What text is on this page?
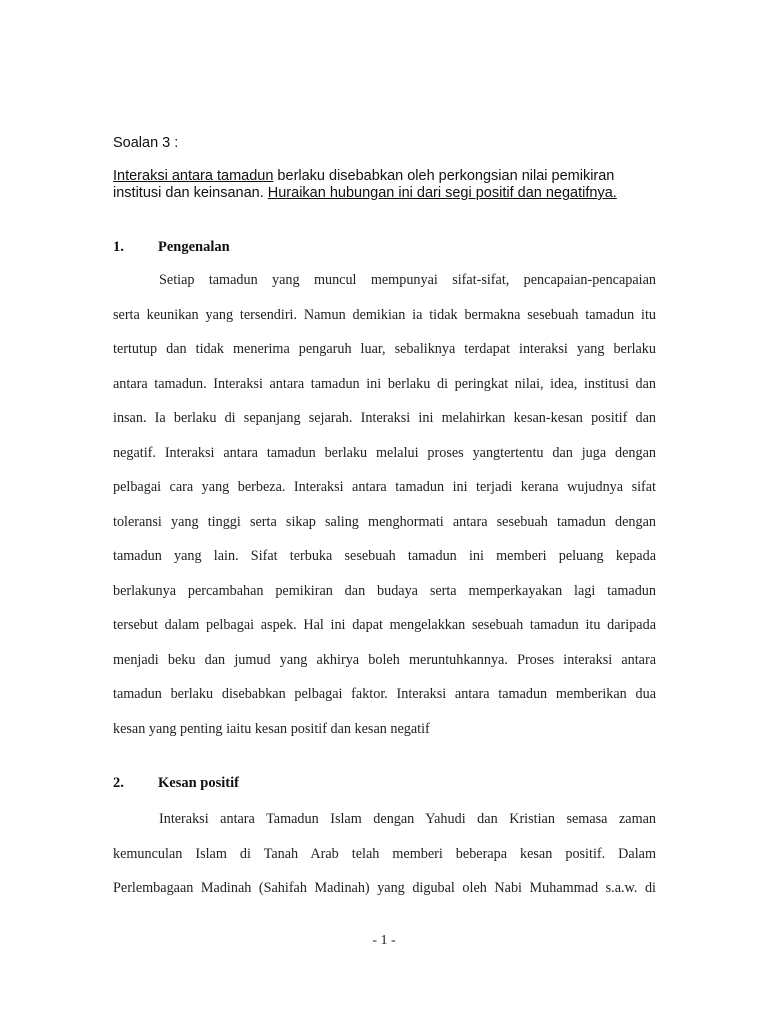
Soalan 3 :
Interaksi antara tamadun berlaku disebabkan oleh perkongsian nilai pemikiran institusi dan keinsanan. Huraikan hubungan ini dari segi positif dan negatifnya.
1. Pengenalan
Setiap tamadun yang muncul mempunyai sifat-sifat, pencapaian-pencapaian
serta keunikan yang tersendiri. Namun demikian ia tidak bermakna sesebuah tamadun itu
tertutup dan tidak menerima pengaruh luar, sebaliknya terdapat interaksi yang berlaku
antara tamadun. Interaksi antara tamadun ini berlaku di peringkat nilai, idea, institusi dan
insan. Ia berlaku di sepanjang sejarah. Interaksi ini melahirkan kesan-kesan positif dan
negatif. Interaksi antara tamadun berlaku melalui proses yangtertentu dan juga dengan
pelbagai cara yang berbeza. Interaksi antara tamadun ini terjadi kerana wujudnya sifat
toleransi yang tinggi serta sikap saling menghormati antara sesebuah tamadun dengan
tamadun yang lain. Sifat terbuka sesebuah tamadun ini memberi peluang kepada
berlakunya percambahan pemikiran dan budaya serta memperkayakan lagi tamadun
tersebut dalam pelbagai aspek. Hal ini dapat mengelakkan sesebuah tamadun itu daripada
menjadi beku dan jumud yang akhirya boleh meruntuhkannya. Proses interaksi antara
tamadun berlaku disebabkan pelbagai faktor. Interaksi antara tamadun memberikan dua
kesan yang penting iaitu kesan positif dan kesan negatif
2. Kesan positif
Interaksi antara Tamadun Islam dengan Yahudi dan Kristian semasa zaman
kemunculan Islam di Tanah Arab telah memberi beberapa kesan positif. Dalam
Perlembagaan Madinah (Sahifah Madinah) yang digubal oleh Nabi Muhammad s.a.w. di
- 1 -
